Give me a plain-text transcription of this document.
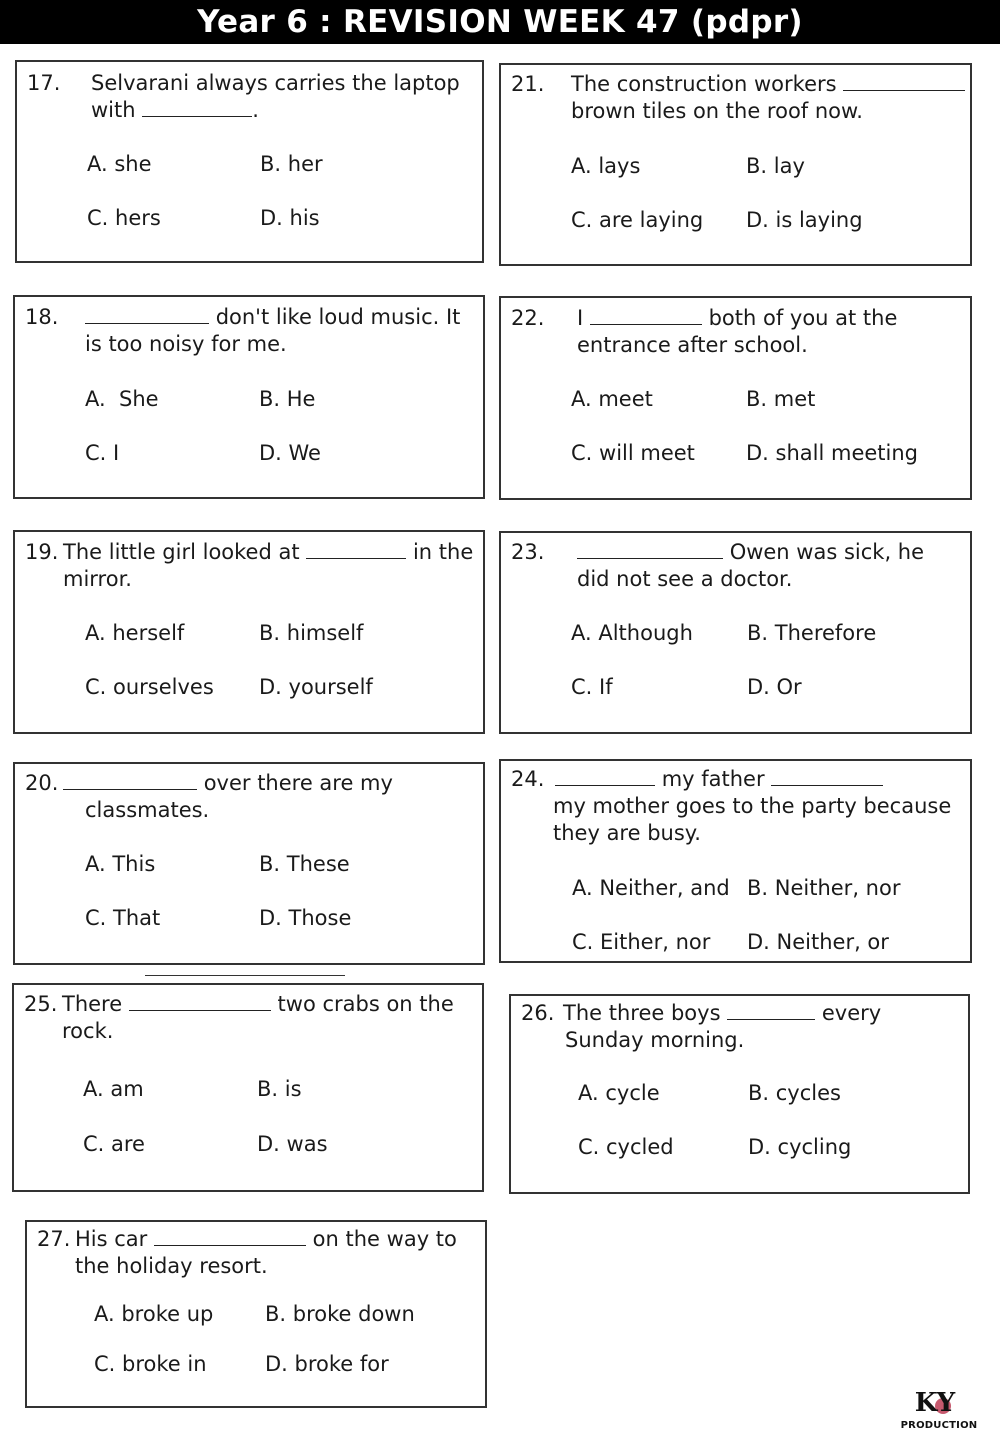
Year 6 : REVISION WEEK 47 (pdpr)
17. Selvarani always carries the laptop
with	.
A. she	B. her
C. hers	D. his
21. The construction workers
brown tiles on the roof now.
A. lays	B. lay
C. are laying D. is laying
18.	don't like loud music. It
is too noisy for me.
A.  She	B. He
C. I	D. We
22. I	both of you at the
entrance after school.
A. meet	B. met
C. will meet D. shall meeting
19. The little girl looked at	in the
mirror.
A. herself	B. himself
C. ourselves D. yourself
23.	Owen was sick, he
did not see a doctor.
A. Although	B. Therefore
C. If	D. Or
20.	over there are my
classmates.
A. This	B. These
C. That	D. Those
24.	my father
my mother goes to the party because
they are busy.
A. Neither, and B. Neither, nor
C. Either, nor D. Neither, or
25. There	two crabs on the
rock.
A. am	B. is
C. are	D. was
26. The three boys	every
Sunday morning.
A. cycle	B. cycles
C. cycled	D. cycling
27. His car	on the way to
the holiday resort.
A. broke up B. broke down
C. broke in	D. broke for
KY
PRODUCTION
